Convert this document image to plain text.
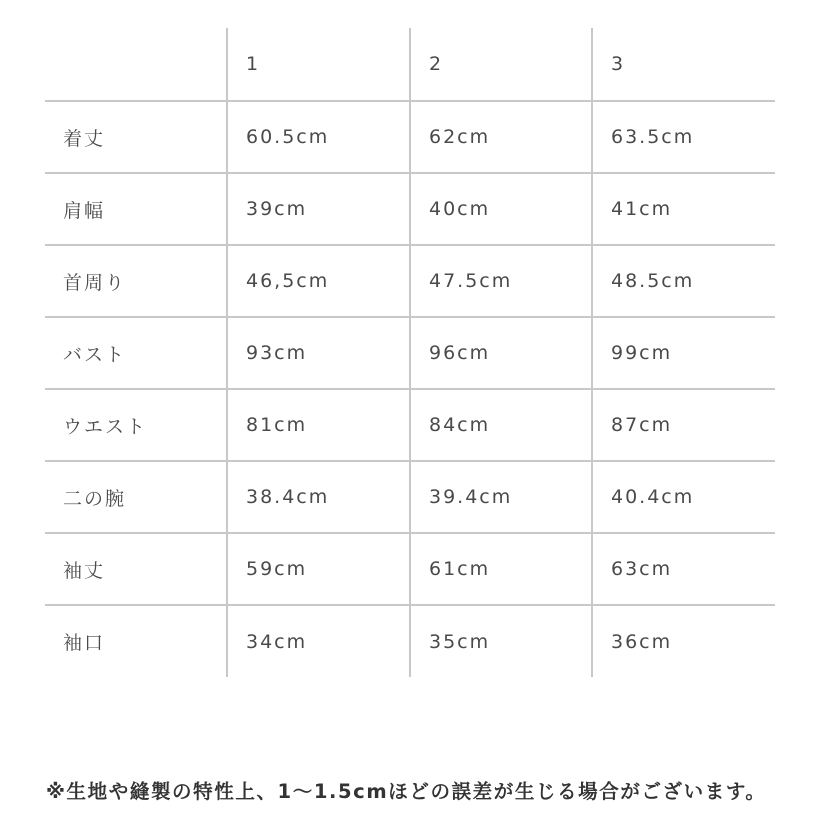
	1	2	3
着丈	60.5cm	62cm	63.5cm
肩幅	39cm	40cm	41cm
首周り	46,5cm	47.5cm	48.5cm
バスト	93cm	96cm	99cm
ウエスト	81cm	84cm	87cm
二の腕	38.4cm	39.4cm	40.4cm
袖丈	59cm	61cm	63cm
袖口	34cm	35cm	36cm

※生地や縫製の特性上、1〜1.5cmほどの誤差が生じる場合がございます。
